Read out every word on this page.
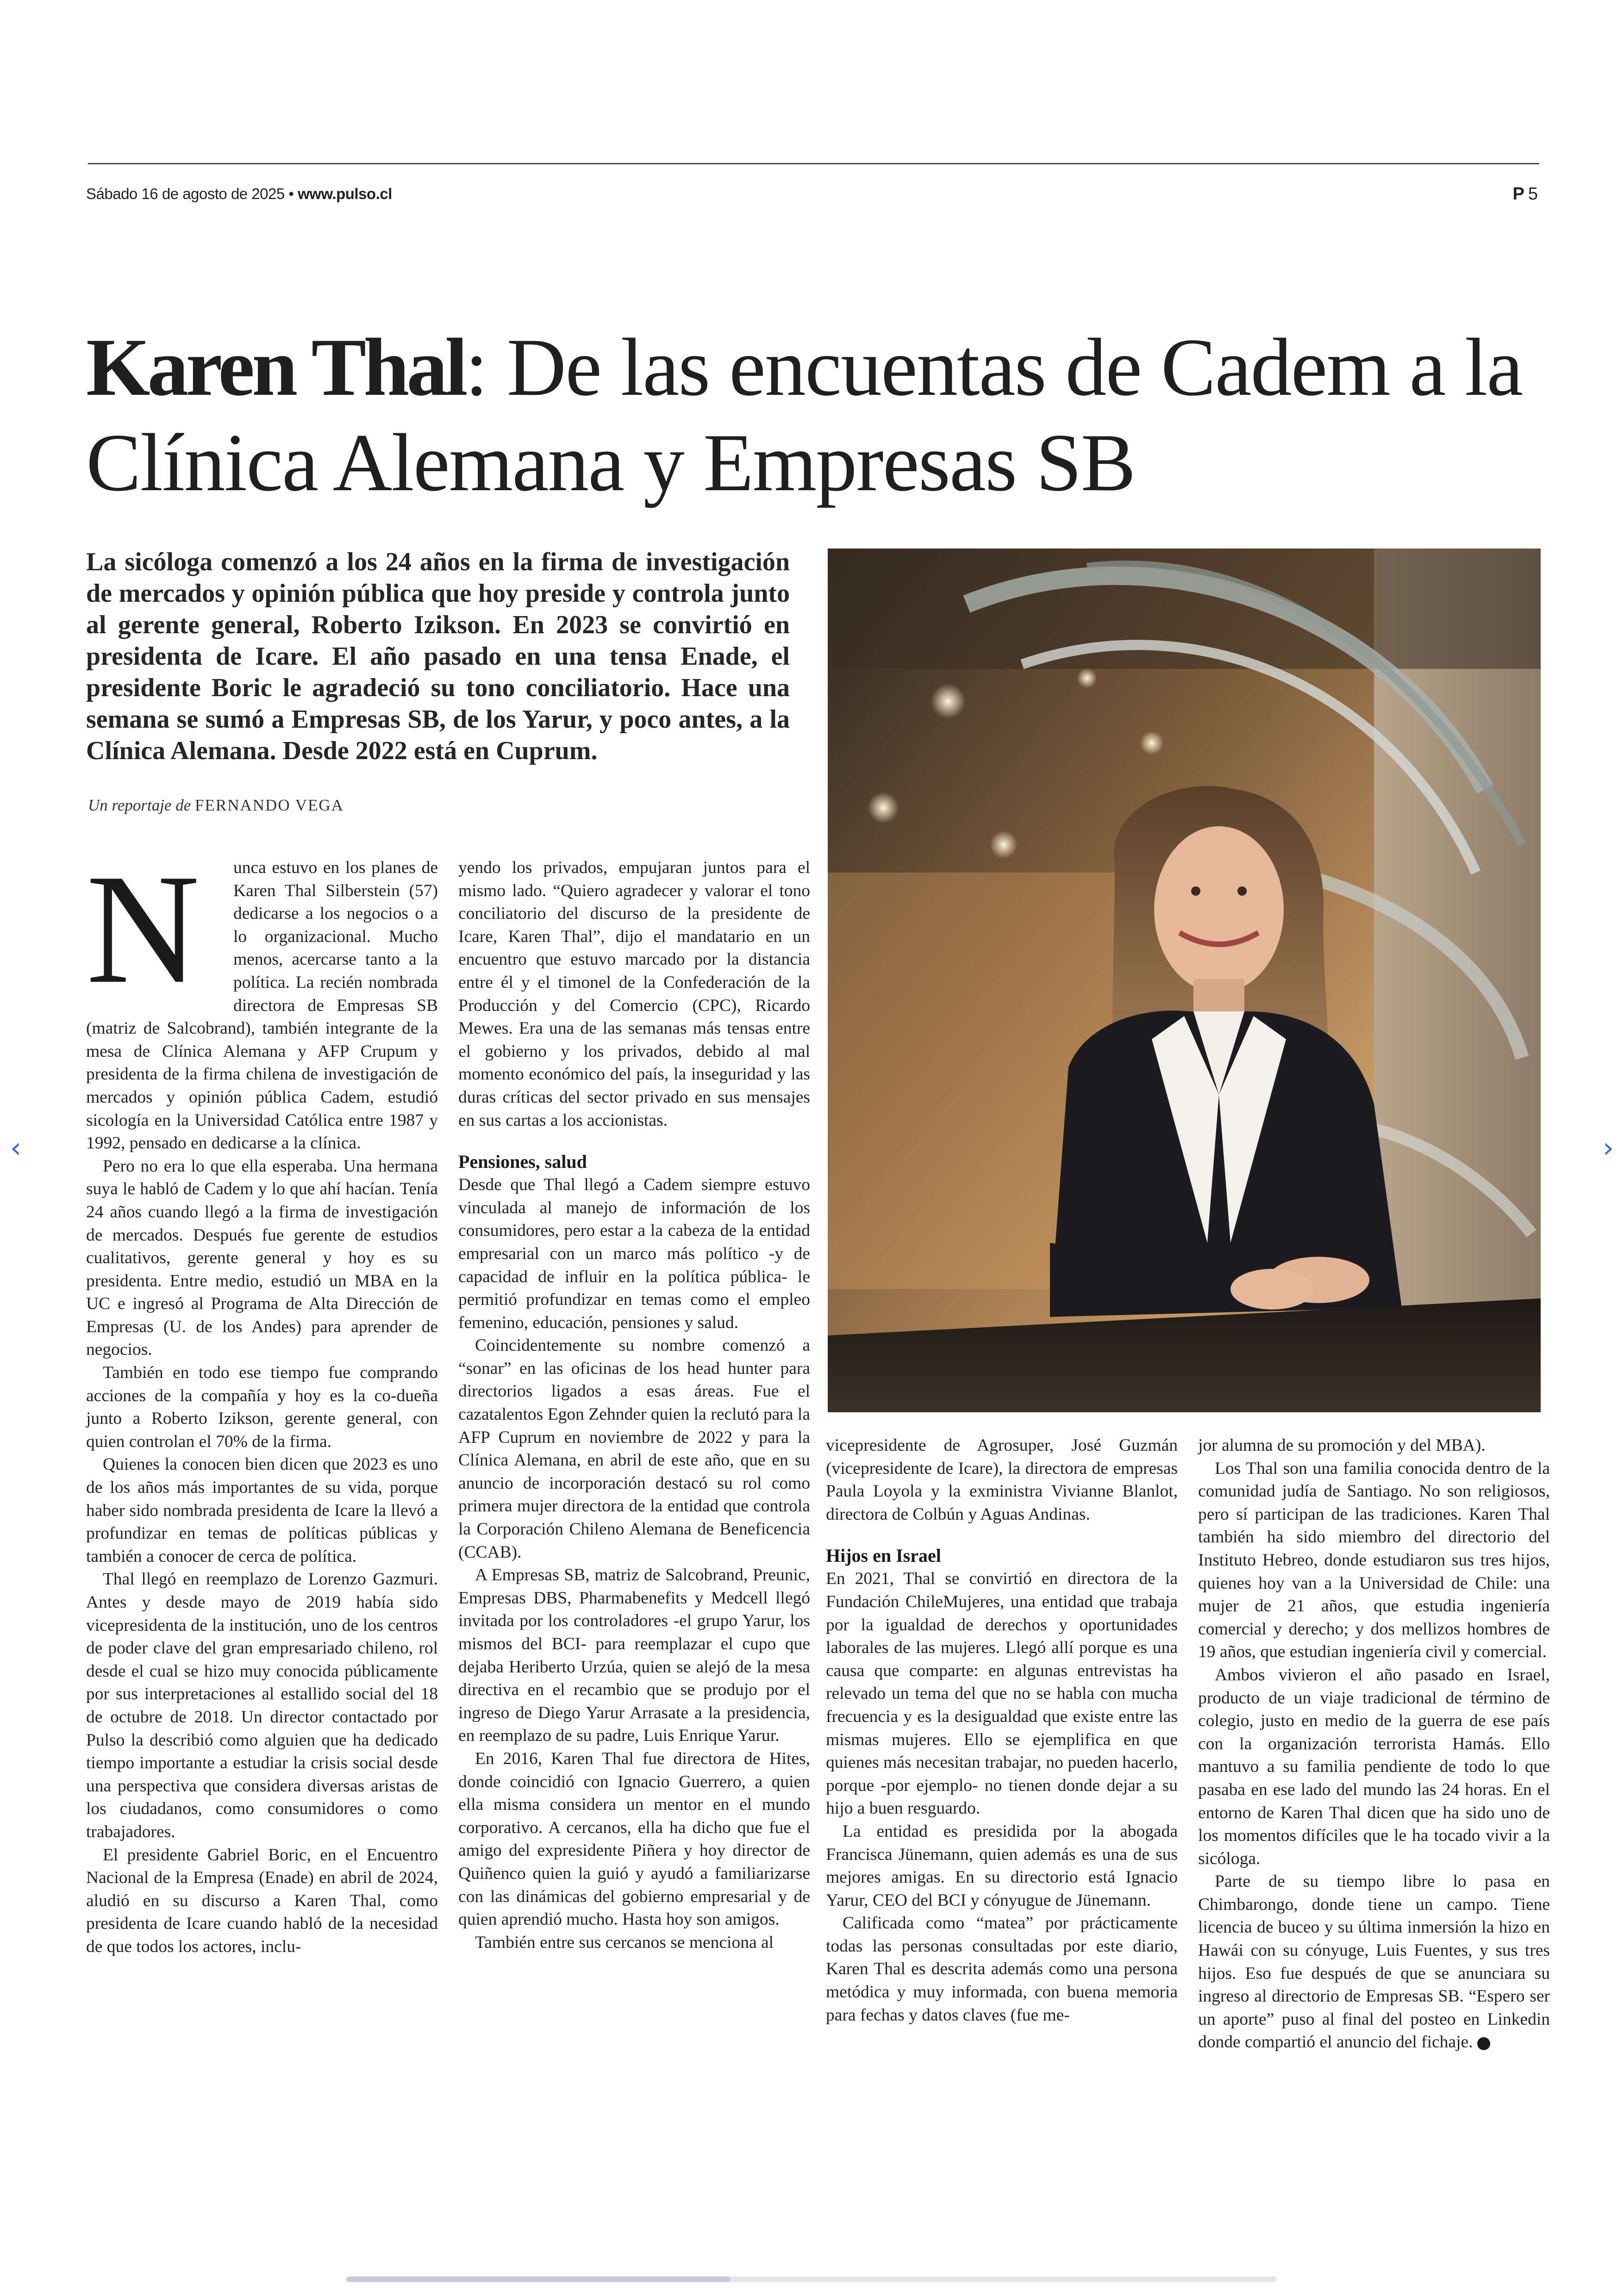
Sábado 16 de agosto de 2025 • www.pulso.cl	P 5
Karen Thal: De las encuentas de Cadem a la Clínica Alemana y Empresas SB

La sicóloga comenzó a los 24 años en la firma de investigación de mercados y opinión pública que hoy preside y controla junto al gerente general, Roberto Izikson. En 2023 se convirtió en presidenta de Icare. El año pasado en una tensa Enade, el presidente Boric le agradeció su tono conciliatorio. Hace una semana se sumó a Empresas SB, de los Yarur, y poco antes, a la Clínica Alemana. Desde 2022 está en Cuprum.

Un reportaje de FERNANDO VEGA

N	unca estuvo en los planes de Karen Thal Silberstein (57) dedicarse a los negocios o a lo organizacional. Mucho menos, acercarse tanto a la política. La recién nombrada directora de Empresas SB (matriz de Salcobrand), también integrante de la mesa de Clínica Alemana y AFP Crupum y presidenta de la firma chilena de investigación de mercados y opinión pública Cadem, estudió sicología en la Universidad Católica entre 1987 y 1992, pensado en dedicarse a la clínica.

Pero no era lo que ella esperaba. Una hermana suya le habló de Cadem y lo que ahí hacían. Tenía 24 años cuando llegó a la firma de investigación de mercados. Después fue gerente de estudios cualitativos, gerente general y hoy es su presidenta. Entre medio, estudió un MBA en la UC e ingresó al Programa de Alta Dirección de Empresas (U. de los Andes) para aprender de negocios.

También en todo ese tiempo fue comprando acciones de la compañía y hoy es la co-dueña junto a Roberto Izikson, gerente general, con quien controlan el 70% de la firma.

Quienes la conocen bien dicen que 2023 es uno de los años más importantes de su vida, porque haber sido nombrada presidenta de Icare la llevó a profundizar en temas de políticas públicas y también a conocer de cerca de política.

Thal llegó en reemplazo de Lorenzo Gazmuri. Antes y desde mayo de 2019 había sido vicepresidenta de la institución, uno de los centros de poder clave del gran empresariado chileno, rol desde el cual se hizo muy conocida públicamente por sus interpretaciones al estallido social del 18 de octubre de 2018. Un director contactado por Pulso la describió como alguien que ha dedicado tiempo importante a estudiar la crisis social desde una perspectiva que considera diversas aristas de los ciudadanos, como consumidores o como trabajadores.

El presidente Gabriel Boric, en el Encuentro Nacional de la Empresa (Enade) en abril de 2024, aludió en su discurso a Karen Thal, como presidenta de Icare cuando habló de la necesidad de que todos los actores, inclu-

yendo los privados, empujaran juntos para el mismo lado. “Quiero agradecer y valorar el tono conciliatorio del discurso de la presidente de Icare, Karen Thal”, dijo el mandatario en un encuentro que estuvo marcado por la distancia entre él y el timonel de la Confederación de la Producción y del Comercio (CPC), Ricardo Mewes. Era una de las semanas más tensas entre el gobierno y los privados, debido al mal momento económico del país, la inseguridad y las duras críticas del sector privado en sus mensajes en sus cartas a los accionistas.

Pensiones, salud

Desde que Thal llegó a Cadem siempre estuvo vinculada al manejo de información de los consumidores, pero estar a la cabeza de la entidad empresarial con un marco más político -y de capacidad de influir en la política pública- le permitió profundizar en temas como el empleo femenino, educación, pensiones y salud.

Coincidentemente su nombre comenzó a “sonar” en las oficinas de los head hunter para directorios ligados a esas áreas. Fue el cazatalentos Egon Zehnder quien la reclutó para la AFP Cuprum en noviembre de 2022 y para la Clínica Alemana, en abril de este año, que en su anuncio de incorporación destacó su rol como primera mujer directora de la entidad que controla la Corporación Chileno Alemana de Beneficencia (CCAB).

A Empresas SB, matriz de Salcobrand, Preunic, Empresas DBS, Pharmabenefits y Medcell llegó invitada por los controladores -el grupo Yarur, los mismos del BCI- para reemplazar el cupo que dejaba Heriberto Urzúa, quien se alejó de la mesa directiva en el recambio que se produjo por el ingreso de Diego Yarur Arrasate a la presidencia, en reemplazo de su padre, Luis Enrique Yarur.

En 2016, Karen Thal fue directora de Hites, donde coincidió con Ignacio Guerrero, a quien ella misma considera un mentor en el mundo corporativo. A cercanos, ella ha dicho que fue el amigo del expresidente Piñera y hoy director de Quiñenco quien la guió y ayudó a familiarizarse con las dinámicas del gobierno empresarial y de quien aprendió mucho. Hasta hoy son amigos.

También entre sus cercanos se menciona al

vicepresidente de Agrosuper, José Guzmán (vicepresidente de Icare), la directora de empresas Paula Loyola y la exministra Vivianne Blanlot, directora de Colbún y Aguas Andinas.

Hijos en Israel

En 2021, Thal se convirtió en directora de la Fundación ChileMujeres, una entidad que trabaja por la igualdad de derechos y oportunidades laborales de las mujeres. Llegó allí porque es una causa que comparte: en algunas entrevistas ha relevado un tema del que no se habla con mucha frecuencia y es la desigualdad que existe entre las mismas mujeres. Ello se ejemplifica en que quienes más necesitan trabajar, no pueden hacerlo, porque -por ejemplo- no tienen donde dejar a su hijo a buen resguardo.

La entidad es presidida por la abogada Francisca Jünemann, quien además es una de sus mejores amigas. En su directorio está Ignacio Yarur, CEO del BCI y cónyugue de Jünemann.

Calificada como “matea” por prácticamente todas las personas consultadas por este diario, Karen Thal es descrita además como una persona metódica y muy informada, con buena memoria para fechas y datos claves (fue me-

jor alumna de su promoción y del MBA).

Los Thal son una familia conocida dentro de la comunidad judía de Santiago. No son religiosos, pero sí participan de las tradiciones. Karen Thal también ha sido miembro del directorio del Instituto Hebreo, donde estudiaron sus tres hijos, quienes hoy van a la Universidad de Chile: una mujer de 21 años, que estudia ingeniería comercial y derecho; y dos mellizos hombres de 19 años, que estudian ingeniería civil y comercial.

Ambos vivieron el año pasado en Israel, producto de un viaje tradicional de término de colegio, justo en medio de la guerra de ese país con la organización terrorista Hamás. Ello mantuvo a su familia pendiente de todo lo que pasaba en ese lado del mundo las 24 horas. En el entorno de Karen Thal dicen que ha sido uno de los momentos difíciles que le ha tocado vivir a la sicóloga.

Parte de su tiempo libre lo pasa en Chimbarongo, donde tiene un campo. Tiene licencia de buceo y su última inmersión la hizo en Hawái con su cónyuge, Luis Fuentes, y sus tres hijos. Eso fue después de que se anunciara su ingreso al directorio de Empresas SB. “Espero ser un aporte” puso al final del posteo en Linkedin donde compartió el anuncio del fichaje. P

‹	›
